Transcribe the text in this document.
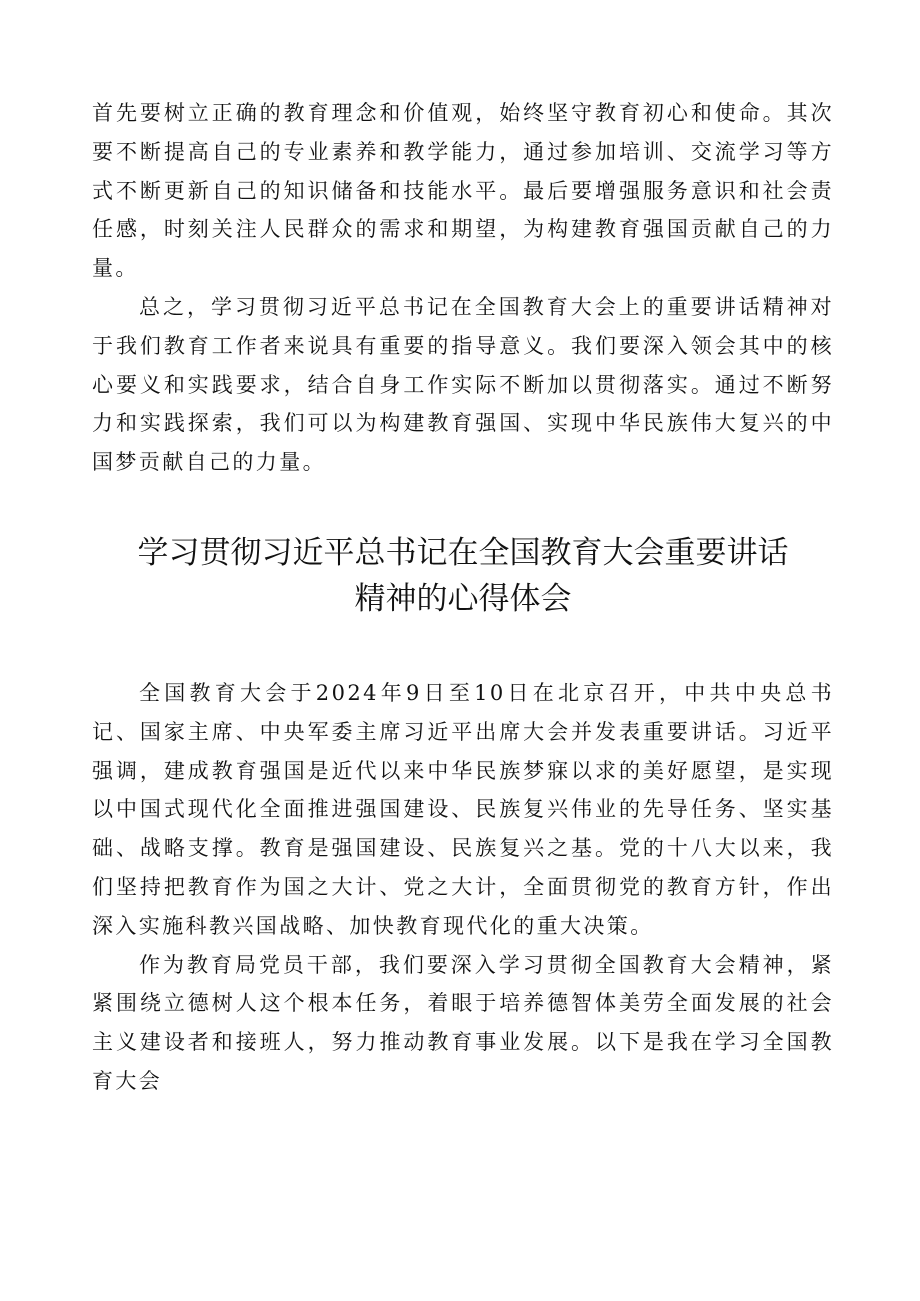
首先要树立正确的教育理念和价值观，始终坚守教育初心和使命。其次要不断提高自己的专业素养和教学能力，通过参加培训、交流学习等方式不断更新自己的知识储备和技能水平。最后要增强服务意识和社会责任感，时刻关注人民群众的需求和期望，为构建教育强国贡献自己的力量。

总之，学习贯彻习近平总书记在全国教育大会上的重要讲话精神对于我们教育工作者来说具有重要的指导意义。我们要深入领会其中的核心要义和实践要求，结合自身工作实际不断加以贯彻落实。通过不断努力和实践探索，我们可以为构建教育强国、实现中华民族伟大复兴的中国梦贡献自己的力量。

学习贯彻习近平总书记在全国教育大会重要讲话
精神的心得体会

全国教育大会于2024年9日至10日在北京召开，中共中央总书记、国家主席、中央军委主席习近平出席大会并发表重要讲话。习近平强调，建成教育强国是近代以来中华民族梦寐以求的美好愿望，是实现以中国式现代化全面推进强国建设、民族复兴伟业的先导任务、坚实基础、战略支撑。教育是强国建设、民族复兴之基。党的十八大以来，我们坚持把教育作为国之大计、党之大计，全面贯彻党的教育方针，作出深入实施科教兴国战略、加快教育现代化的重大决策。

作为教育局党员干部，我们要深入学习贯彻全国教育大会精神，紧紧围绕立德树人这个根本任务，着眼于培养德智体美劳全面发展的社会主义建设者和接班人，努力推动教育事业发展。以下是我在学习全国教育大会
